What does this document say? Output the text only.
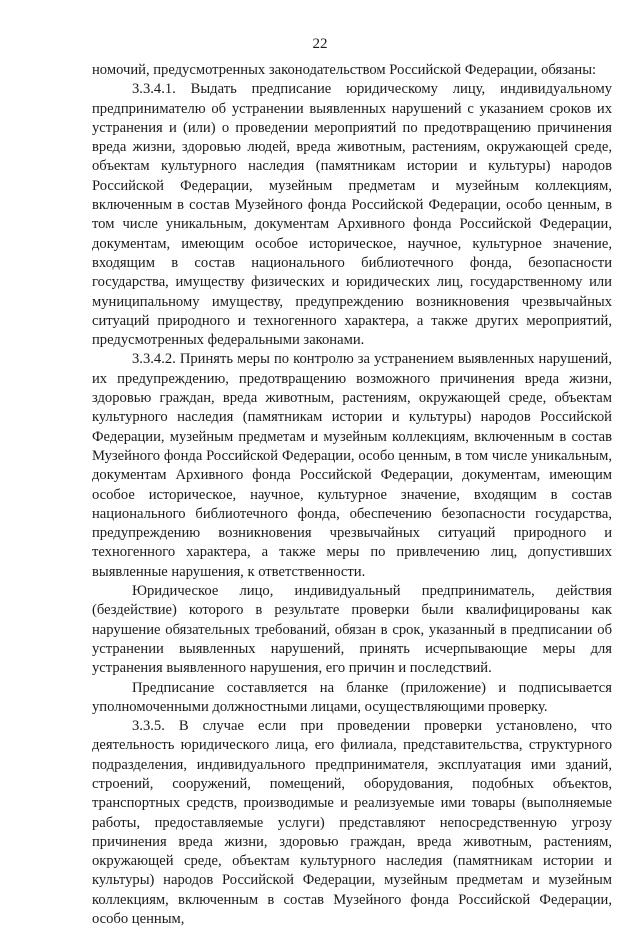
22

номочий, предусмотренных законодательством Российской Федерации, обязаны:

3.3.4.1. Выдать предписание юридическому лицу, индивидуальному предпринимателю об устранении выявленных нарушений с указанием сроков их устранения и (или) о проведении мероприятий по предотвращению причинения вреда жизни, здоровью людей, вреда животным, растениям, окружающей среде, объектам культурного наследия (памятникам истории и культуры) народов Российской Федерации, музейным предметам и музейным коллекциям, включенным в состав Музейного фонда Российской Федерации, особо ценным, в том числе уникальным, документам Архивного фонда Российской Федерации, документам, имеющим особое историческое, научное, культурное значение, входящим в состав национального библиотечного фонда, безопасности государства, имуществу физических и юридических лиц, государственному или муниципальному имуществу, предупреждению возникновения чрезвычайных ситуаций природного и техногенного характера, а также других мероприятий, предусмотренных федеральными законами.

3.3.4.2. Принять меры по контролю за устранением выявленных нарушений, их предупреждению, предотвращению возможного причинения вреда жизни, здоровью граждан, вреда животным, растениям, окружающей среде, объектам культурного наследия (памятникам истории и культуры) народов Российской Федерации, музейным предметам и музейным коллекциям, включенным в состав Музейного фонда Российской Федерации, особо ценным, в том числе уникальным, документам Архивного фонда Российской Федерации, документам, имеющим особое историческое, научное, культурное значение, входящим в состав национального библиотечного фонда, обеспечению безопасности государства, предупреждению возникновения чрезвычайных ситуаций природного и техногенного характера, а также меры по привлечению лиц, допустивших выявленные нарушения, к ответственности.

Юридическое лицо, индивидуальный предприниматель, действия (бездействие) которого в результате проверки были квалифицированы как нарушение обязательных требований, обязан в срок, указанный в предписании об устранении выявленных нарушений, принять исчерпывающие меры для устранения выявленного нарушения, его причин и последствий.

Предписание составляется на бланке (приложение) и подписывается уполномоченными должностными лицами, осуществляющими проверку.

3.3.5. В случае если при проведении проверки установлено, что деятельность юридического лица, его филиала, представительства, структурного подразделения, индивидуального предпринимателя, эксплуатация ими зданий, строений, сооружений, помещений, оборудования, подобных объектов, транспортных средств, производимые и реализуемые ими товары (выполняемые работы, предоставляемые услуги) представляют непосредственную угрозу причинения вреда жизни, здоровью граждан, вреда животным, растениям, окружающей среде, объектам культурного наследия (памятникам истории и культуры) народов Российской Федерации, музейным предметам и музейным коллекциям, включенным в состав Музейного фонда Российской Федерации, особо ценным,
